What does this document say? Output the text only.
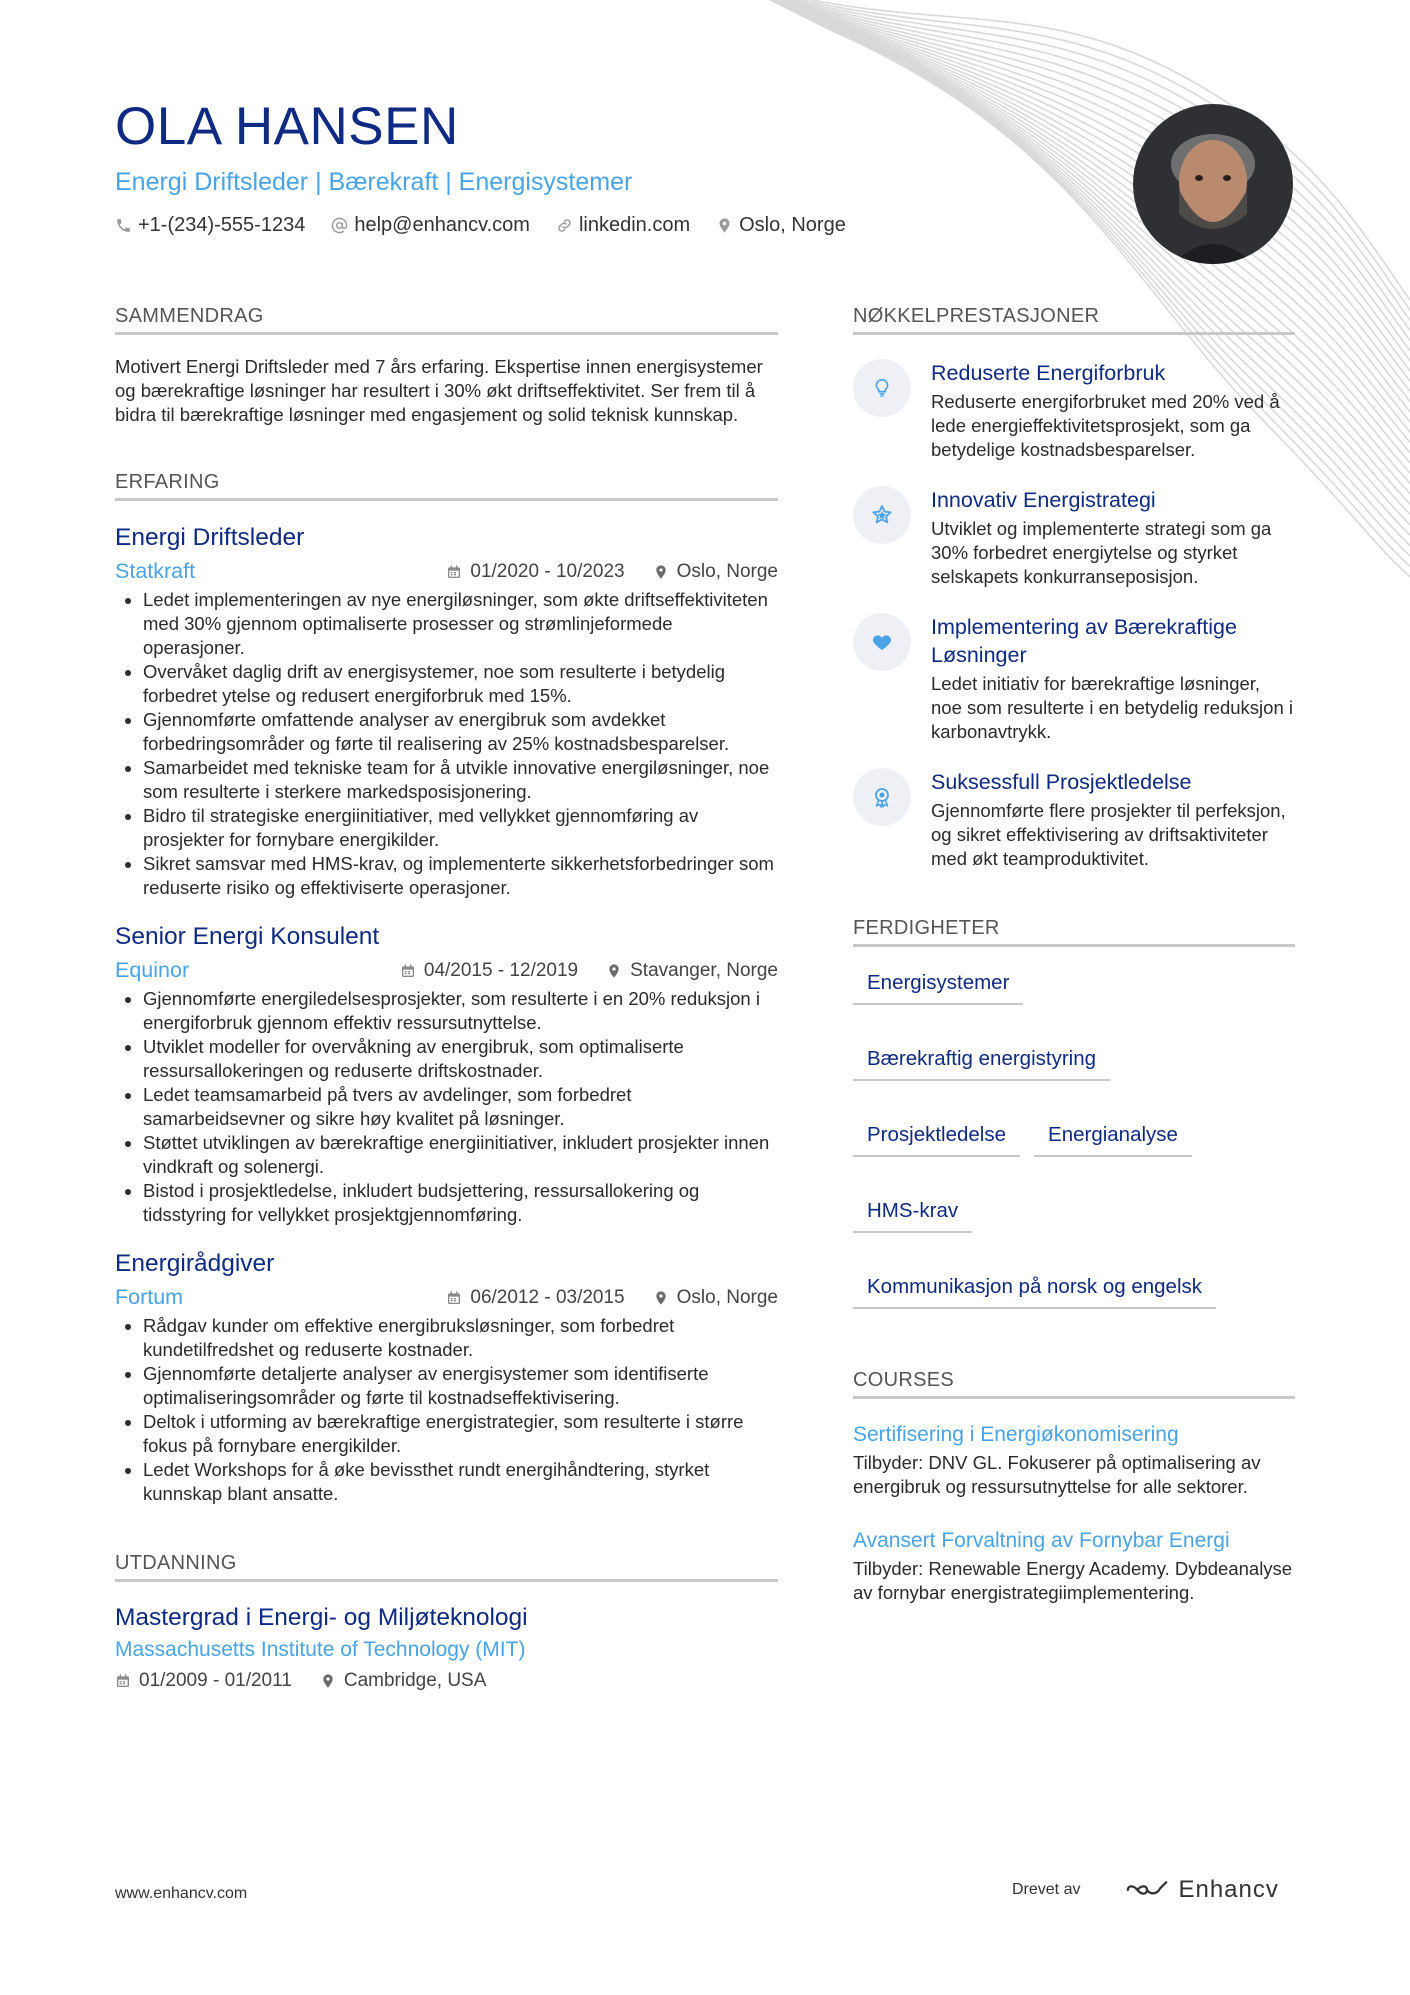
OLA HANSEN
Energi Driftsleder | Bærekraft | Energisystemer
+1-(234)-555-1234 help@enhancv.com linkedin.com Oslo, Norge
SAMMENDRAG
Motivert Energi Driftsleder med 7 års erfaring. Ekspertise innen energisystemer og bærekraftige løsninger har resultert i 30% økt driftseffektivitet. Ser frem til å bidra til bærekraftige løsninger med engasjement og solid teknisk kunnskap.
ERFARING
Energi Driftsleder
Statkraft	01/2020 - 10/2023	Oslo, Norge
• Ledet implementeringen av nye energiløsninger, som økte driftseffektiviteten med 30% gjennom optimaliserte prosesser og strømlinjeformede operasjoner.
• Overvåket daglig drift av energisystemer, noe som resulterte i betydelig forbedret ytelse og redusert energiforbruk med 15%.
• Gjennomførte omfattende analyser av energibruk som avdekket forbedringsområder og førte til realisering av 25% kostnadsbesparelser.
• Samarbeidet med tekniske team for å utvikle innovative energiløsninger, noe som resulterte i sterkere markedsposisjonering.
• Bidro til strategiske energiinitiativer, med vellykket gjennomføring av prosjekter for fornybare energikilder.
• Sikret samsvar med HMS-krav, og implementerte sikkerhetsforbedringer som reduserte risiko og effektiviserte operasjoner.
Senior Energi Konsulent
Equinor	04/2015 - 12/2019	Stavanger, Norge
• Gjennomførte energiledelsesprosjekter, som resulterte i en 20% reduksjon i energiforbruk gjennom effektiv ressursutnyttelse.
• Utviklet modeller for overvåkning av energibruk, som optimaliserte ressursallokeringen og reduserte driftskostnader.
• Ledet teamsamarbeid på tvers av avdelinger, som forbedret samarbeidsevner og sikre høy kvalitet på løsninger.
• Støttet utviklingen av bærekraftige energiinitiativer, inkludert prosjekter innen vindkraft og solenergi.
• Bistod i prosjektledelse, inkludert budsjettering, ressursallokering og tidsstyring for vellykket prosjektgjennomføring.
Energirådgiver
Fortum	06/2012 - 03/2015	Oslo, Norge
• Rådgav kunder om effektive energibruksløsninger, som forbedret kundetilfredshet og reduserte kostnader.
• Gjennomførte detaljerte analyser av energisystemer som identifiserte optimaliseringsområder og førte til kostnadseffektivisering.
• Deltok i utforming av bærekraftige energistrategier, som resulterte i større fokus på fornybare energikilder.
• Ledet Workshops for å øke bevissthet rundt energihåndtering, styrket kunnskap blant ansatte.
UTDANNING
Mastergrad i Energi- og Miljøteknologi
Massachusetts Institute of Technology (MIT)
01/2009 - 01/2011	Cambridge, USA
NØKKELPRESTASJONER
Reduserte Energiforbruk
Reduserte energiforbruket med 20% ved å lede energieffektivitetsprosjekt, som ga betydelige kostnadsbesparelser.
Innovativ Energistrategi
Utviklet og implementerte strategi som ga 30% forbedret energiytelse og styrket selskapets konkurranseposisjon.
Implementering av Bærekraftige Løsninger
Ledet initiativ for bærekraftige løsninger, noe som resulterte i en betydelig reduksjon i karbonavtrykk.
Suksessfull Prosjektledelse
Gjennomførte flere prosjekter til perfeksjon, og sikret effektivisering av driftsaktiviteter med økt teamproduktivitet.
FERDIGHETER
Energisystemer
Bærekraftig energistyring
Prosjektledelse	Energianalyse
HMS-krav
Kommunikasjon på norsk og engelsk
COURSES
Sertifisering i Energiøkonomisering
Tilbyder: DNV GL. Fokuserer på optimalisering av energibruk og ressursutnyttelse for alle sektorer.
Avansert Forvaltning av Fornybar Energi
Tilbyder: Renewable Energy Academy. Dybdeanalyse av fornybar energistrategiimplementering.
www.enhancv.com	Drevet av	Enhancv
